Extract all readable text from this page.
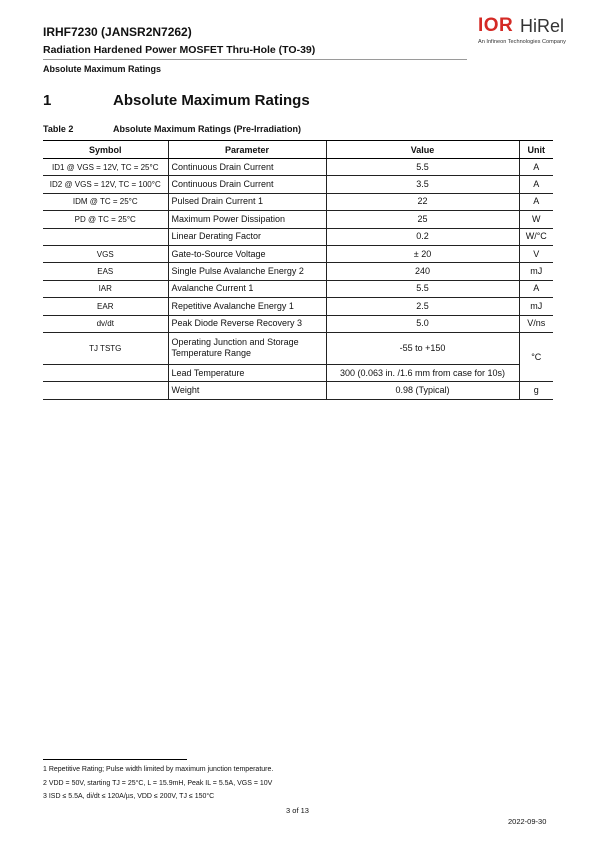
IRHF7230 (JANSR2N7262)
Radiation Hardened Power MOSFET Thru-Hole (TO-39)
Absolute Maximum Ratings
IOR HiRel
An Infineon Technologies Company
1	Absolute Maximum Ratings
Table 2	Absolute Maximum Ratings (Pre-Irradiation)
Symbol	Parameter	Value	Unit
ID1 @ VGS = 12V, TC = 25°C	Continuous Drain Current	5.5	A
ID2 @ VGS = 12V, TC = 100°C	Continuous Drain Current	3.5	A
IDM @ TC = 25°C	Pulsed Drain Current 1	22	A
PD @ TC = 25°C	Maximum Power Dissipation	25	W
	Linear Derating Factor	0.2	W/°C
VGS	Gate-to-Source Voltage	± 20	V
EAS	Single Pulse Avalanche Energy 2	240	mJ
IAR	Avalanche Current 1	5.5	A
EAR	Repetitive Avalanche Energy 1	2.5	mJ
dv/dt	Peak Diode Reverse Recovery 3	5.0	V/ns
TJ TSTG	Operating Junction and Storage Temperature Range	-55 to +150	°C
	Lead Temperature	300 (0.063 in. /1.6 mm from case for 10s)	
	Weight	0.98 (Typical)	g
1 Repetitive Rating; Pulse width limited by maximum junction temperature.
2 VDD = 50V, starting TJ = 25°C, L = 15.9mH, Peak IL = 5.5A, VGS = 10V
3 ISD ≤ 5.5A, di/dt ≤ 120A/µs, VDD ≤ 200V, TJ ≤ 150°C
3 of 13
2022-09-30
